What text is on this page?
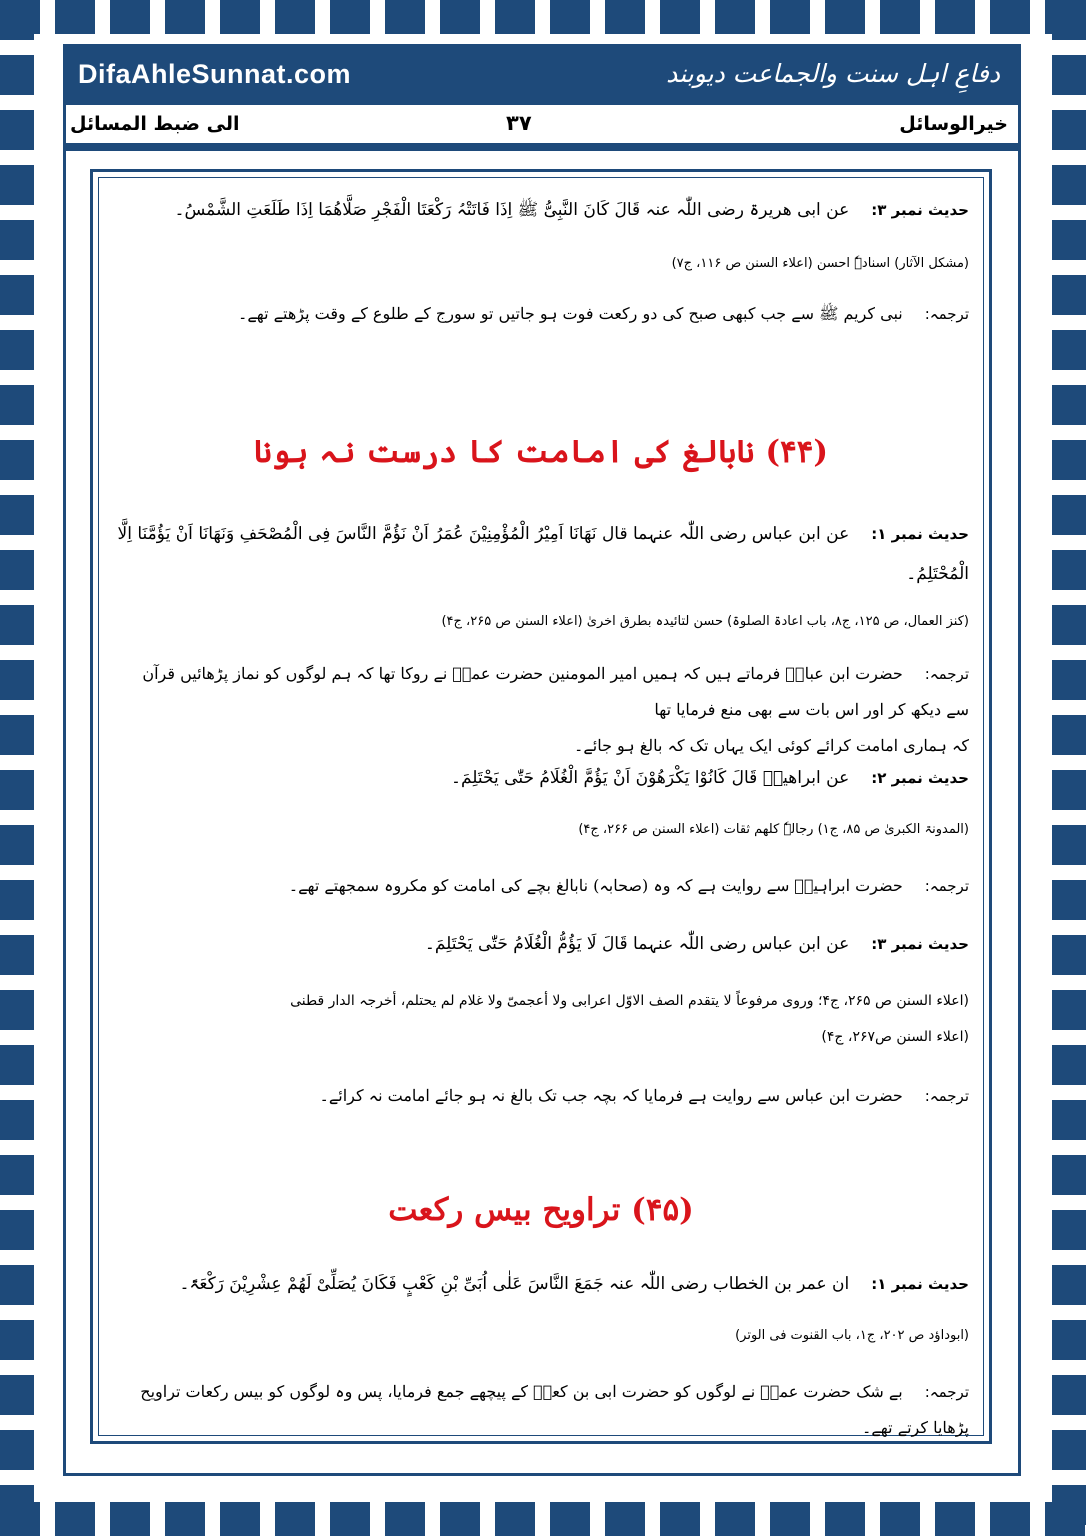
DifaAhleSunnat.com	دفاعِ اہل سنت والجماعت دیوبند
خیرالوسائل
۳۷
الی ضبط المسائل
حدیث نمبر ۳:عن ابی ھریرۃ رضی اللّٰہ عنہ قَالَ کَانَ النَّبِیُّ ﷺ اِذَا فَاتَتْہُ رَکْعَتَا الْفَجْرِ صَلَّاھُمَا اِذَا طَلَعَتِ الشَّمْسُ۔
(مشکل الآثار) اسنادہٗ احسن (اعلاء السنن ص ۱۱۶، ج۷)
ترجمہ:نبی کریم ﷺ سے جب کبھی صبح کی دو رکعت فوت ہو جاتیں تو سورج کے طلوع کے وقت پڑھتے تھے۔
(۴۴) نابالغ کی امامت کا درست نہ ہونا
حدیث نمبر ۱:عن ابن عباس رضی اللّٰہ عنہما قال نَھَانَا اَمِیْرُ الْمُؤْمِنِیْنَ عُمَرُ اَنْ نَؤُمَّ النَّاسَ فِی الْمُصْحَفِ وَنَھَانَا اَنْ یَؤُمَّنَا اِلَّا
الْمُحْتَلِمُ۔
(کنز العمال، ص ۱۲۵، ج۸، باب اعادۃ الصلوۃ) حسن لتائیدہ بطرق اخریٰ (اعلاء السنن ص ۲۶۵، ج۴)
ترجمہ:حضرت ابن عباسؓ فرماتے ہیں کہ ہمیں امیر المومنین حضرت عمرؓ نے روکا تھا کہ ہم لوگوں کو نماز پڑھائیں قرآن سے دیکھ کر اور اس بات سے بھی منع فرمایا تھا
کہ ہماری امامت کرائے کوئی ایک یہاں تک کہ بالغ ہو جائے۔
حدیث نمبر ۲:عن ابراھیمؒ قَالَ کَانُوْا یَکْرَھُوْنَ اَنْ یَؤُمَّ الْغُلَامُ حَتّٰی یَحْتَلِمَ۔
(المدونۃ الکبریٰ ص ۸۵، ج۱) رجالہٗ کلھم ثقات (اعلاء السنن ص ۲۶۶، ج۴)
ترجمہ:حضرت ابراہیمؒ سے روایت ہے کہ وہ (صحابہ) نابالغ بچے کی امامت کو مکروہ سمجھتے تھے۔
حدیث نمبر ۳:عن ابن عباس رضی اللّٰہ عنہما قَالَ لَا یَؤُمُّ الْغُلَامُ حَتّٰی یَحْتَلِمَ۔
(اعلاء السنن ص ۲۶۵، ج۴؛ وروی مرفوعاً لا یتقدم الصف الاوّل اعرابی ولا أعجمیّ ولا غلام لم یحتلم، أخرجہ الدار قطنی
(اعلاء السنن ص۲۶۷، ج۴)
ترجمہ:حضرت ابن عباس سے روایت ہے فرمایا کہ بچہ جب تک بالغ نہ ہو جائے امامت نہ کرائے۔
(۴۵) تراویح بیس رکعت
حدیث نمبر ۱:ان عمر بن الخطاب رضی اللّٰہ عنہ جَمَعَ النَّاسَ عَلٰی اُبَیِّ بْنِ کَعْبٍ فَکَانَ یُصَلِّیْ لَھُمْ عِشْرِیْنَ رَکْعَۃً۔
(ابوداؤد ص ۲۰۲، ج۱، باب القنوت فی الوتر)
ترجمہ:بے شک حضرت عمرؓ نے لوگوں کو حضرت ابی بن کعبؓ کے پیچھے جمع فرمایا، پس وہ لوگوں کو بیس رکعات تراویح پڑھایا کرتے تھے۔
